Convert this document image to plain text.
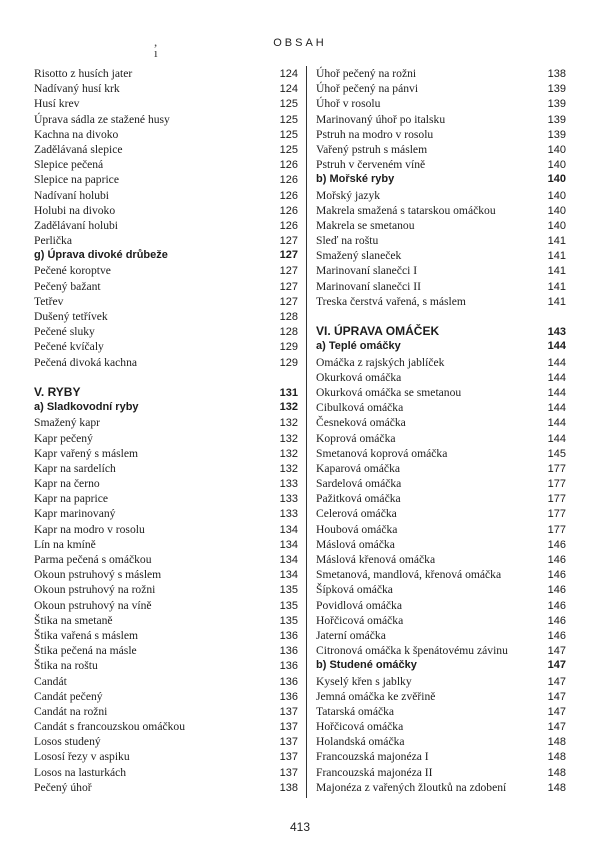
,
ı
OBSAH
Risotto z husích jater	124
Nadívaný husí krk	124
Husí krev	125
Úprava sádla ze stažené husy	125
Kachna na divoko	125
Zadělávaná slepice	125
Slepice pečená	126
Slepice na paprice	126
Nadívaní holubi	126
Holubi na divoko	126
Zadělávaní holubi	126
Perlička	127
g) Úprava divoké drůbeže	127
Pečené koroptve	127
Pečený bažant	127
Tetřev	127
Dušený tetřívek	128
Pečené sluky	128
Pečené kvíčaly	129
Pečená divoká kachna	129
V. RYBY	131
a) Sladkovodní ryby	132
Smažený kapr	132
Kapr pečený	132
Kapr vařený s máslem	132
Kapr na sardelích	132
Kapr na černo	133
Kapr na paprice	133
Kapr marinovaný	133
Kapr na modro v rosolu	134
Lín na kmíně	134
Parma pečená s omáčkou	134
Okoun pstruhový s máslem	134
Okoun pstruhový na rožni	135
Okoun pstruhový na víně	135
Štika na smetaně	135
Štika vařená s máslem	136
Štika pečená na másle	136
Štika na roštu	136
Candát	136
Candát pečený	136
Candát na rožni	137
Candát s francouzskou omáčkou	137
Losos studený	137
Lososí řezy v aspiku	137
Losos na lasturkách	137
Pečený úhoř	138
Úhoř pečený na rožni	138
Úhoř pečený na pánvi	139
Úhoř v rosolu	139
Marinovaný úhoř po italsku	139
Pstruh na modro v rosolu	139
Vařený pstruh s máslem	140
Pstruh v červeném víně	140
b) Mořské ryby	140
Mořský jazyk	140
Makrela smažená s tatarskou omáčkou	140
Makrela se smetanou	140
Sleď na roštu	141
Smažený slaneček	141
Marinovaní slanečci I	141
Marinovaní slanečci II	141
Treska čerstvá vařená, s máslem	141
VI. ÚPRAVA OMÁČEK	143
a) Teplé omáčky	144
Omáčka z rajských jablíček	144
Okurková omáčka	144
Okurková omáčka se smetanou	144
Cibulková omáčka	144
Česneková omáčka	144
Koprová omáčka	144
Smetanová koprová omáčka	145
Kaparová omáčka	177
Sardelová omáčka	177
Pažitková omáčka	177
Celerová omáčka	177
Houbová omáčka	177
Máslová omáčka	146
Máslová křenová omáčka	146
Smetanová, mandlová, křenová omáčka	146
Šípková omáčka	146
Povidlová omáčka	146
Hořčicová omáčka	146
Jaterní omáčka	146
Citronová omáčka k špenátovému závinu	147
b) Studené omáčky	147
Kyselý křen s jablky	147
Jemná omáčka ke zvěřině	147
Tatarská omáčka	147
Hořčicová omáčka	147
Holandská omáčka	148
Francouzská majonéza I	148
Francouzská majonéza II	148
Majonéza z vařených žloutků na zdobení	148
413
